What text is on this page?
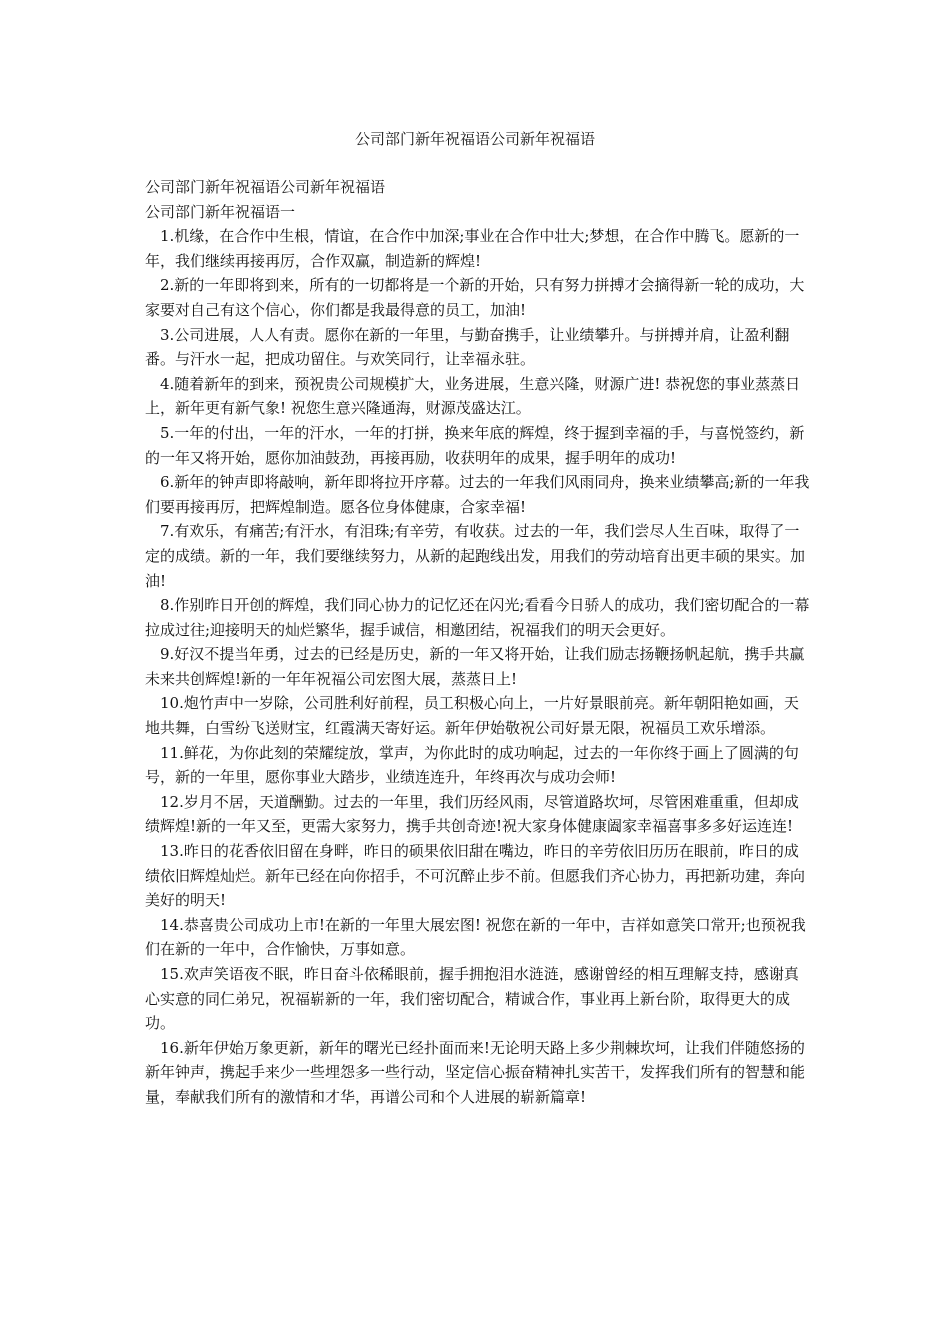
公司部门新年祝福语公司新年祝福语

公司部门新年祝福语公司新年祝福语

公司部门新年祝福语一

1.机缘，在合作中生根，情谊，在合作中加深;事业在合作中壮大;梦想，在合作中腾飞。愿新的一年，我们继续再接再厉，合作双赢，制造新的辉煌!

2.新的一年即将到来，所有的一切都将是一个新的开始，只有努力拼搏才会摘得新一轮的成功，大家要对自己有这个信心，你们都是我最得意的员工，加油!

3.公司进展，人人有责。愿你在新的一年里，与勤奋携手，让业绩攀升。与拼搏并肩，让盈利翻番。与汗水一起，把成功留住。与欢笑同行，让幸福永驻。

4.随着新年的到来，预祝贵公司规模扩大，业务进展，生意兴隆，财源广进! 恭祝您的事业蒸蒸日上，新年更有新气象! 祝您生意兴隆通海，财源茂盛达江。

5.一年的付出，一年的汗水，一年的打拼，换来年底的辉煌，终于握到幸福的手，与喜悦签约，新的一年又将开始，愿你加油鼓劲，再接再励，收获明年的成果，握手明年的成功!

6.新年的钟声即将敲响，新年即将拉开序幕。过去的一年我们风雨同舟，换来业绩攀高;新的一年我们要再接再厉，把辉煌制造。愿各位身体健康，合家幸福!

7.有欢乐，有痛苦;有汗水，有泪珠;有辛劳，有收获。过去的一年，我们尝尽人生百味，取得了一定的成绩。新的一年，我们要继续努力，从新的起跑线出发，用我们的劳动培育出更丰硕的果实。加油!

8.作别昨日开创的辉煌，我们同心协力的记忆还在闪光;看看今日骄人的成功，我们密切配合的一幕拉成过往;迎接明天的灿烂繁华，握手诚信，相邀团结，祝福我们的明天会更好。

9.好汉不提当年勇，过去的已经是历史，新的一年又将开始，让我们励志扬鞭扬帆起航，携手共赢未来共创辉煌!新的一年年祝福公司宏图大展，蒸蒸日上!

10.炮竹声中一岁除，公司胜利好前程，员工积极心向上，一片好景眼前亮。新年朝阳艳如画，天地共舞，白雪纷飞送财宝，红霞满天寄好运。新年伊始敬祝公司好景无限，祝福员工欢乐增添。

11.鲜花，为你此刻的荣耀绽放，掌声，为你此时的成功响起，过去的一年你终于画上了圆满的句号，新的一年里，愿你事业大踏步，业绩连连升，年终再次与成功会师!

12.岁月不居，天道酬勤。过去的一年里，我们历经风雨，尽管道路坎坷，尽管困难重重，但却成绩辉煌!新的一年又至，更需大家努力，携手共创奇迹!祝大家身体健康阖家幸福喜事多多好运连连!

13.昨日的花香依旧留在身畔，昨日的硕果依旧甜在嘴边，昨日的辛劳依旧历历在眼前，昨日的成绩依旧辉煌灿烂。新年已经在向你招手，不可沉醉止步不前。但愿我们齐心协力，再把新功建，奔向美好的明天!

14.恭喜贵公司成功上市!在新的一年里大展宏图! 祝您在新的一年中，吉祥如意笑口常开;也预祝我们在新的一年中，合作愉快，万事如意。

15.欢声笑语夜不眠，昨日奋斗依稀眼前，握手拥抱泪水涟涟，感谢曾经的相互理解支持，感谢真心实意的同仁弟兄，祝福崭新的一年，我们密切配合，精诚合作，事业再上新台阶，取得更大的成功。

16.新年伊始万象更新，新年的曙光已经扑面而来!无论明天路上多少荆棘坎坷，让我们伴随悠扬的新年钟声，携起手来少一些埋怨多一些行动，坚定信心振奋精神扎实苦干，发挥我们所有的智慧和能量，奉献我们所有的激情和才华，再谱公司和个人进展的崭新篇章!
